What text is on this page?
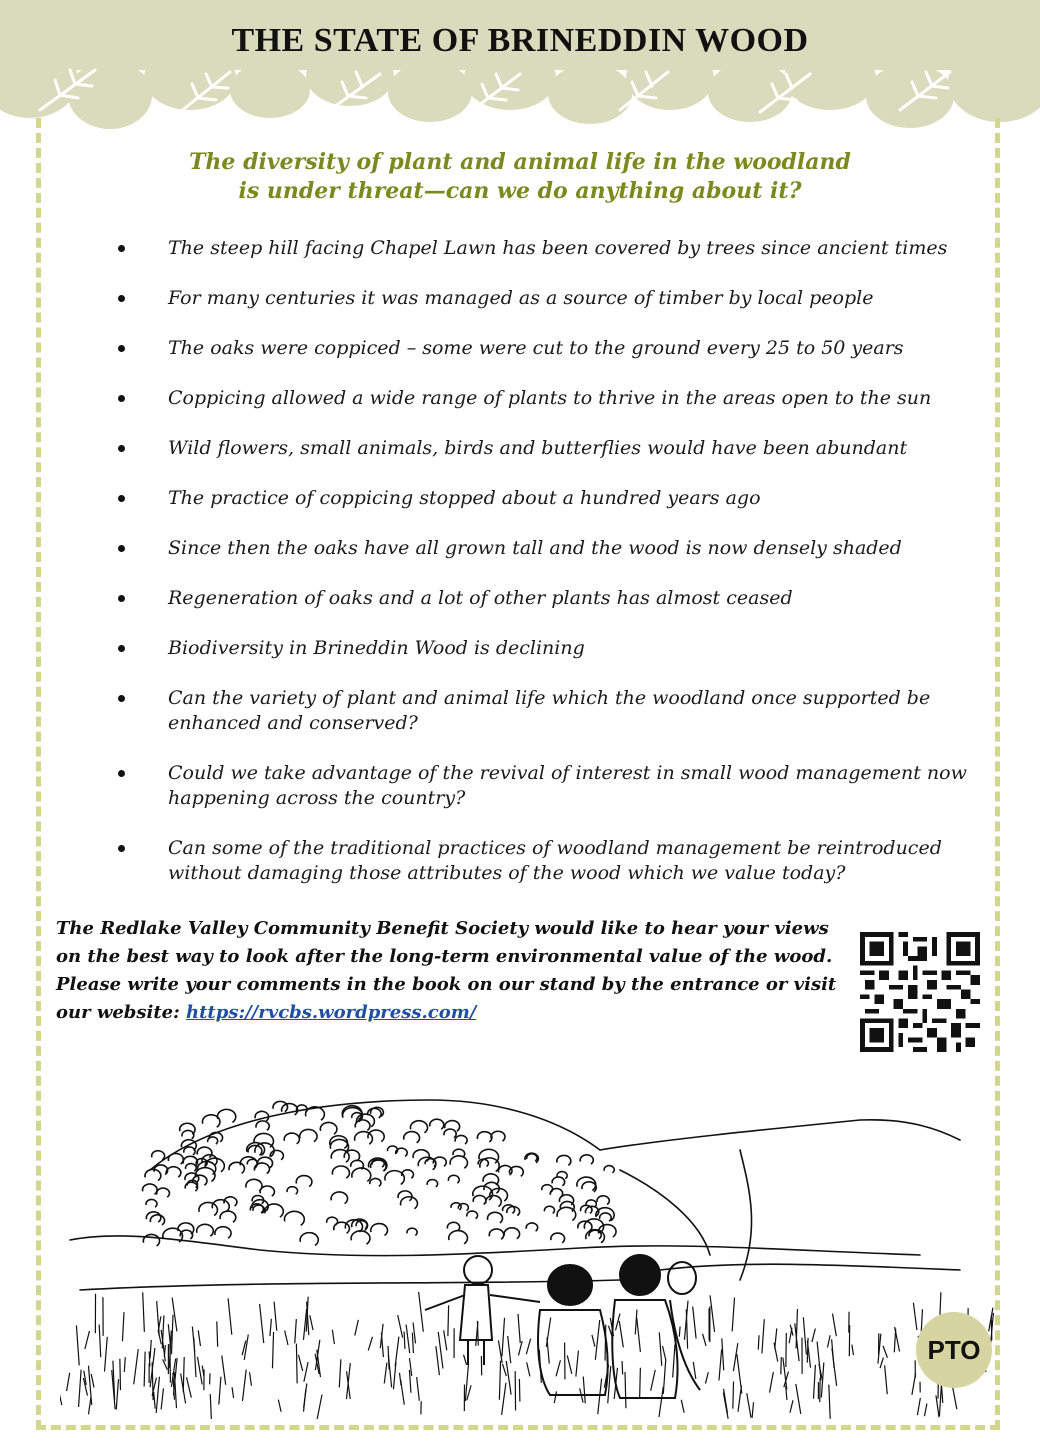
THE STATE OF BRINEDDIN WOOD
The diversity of plant and animal life in the woodland
is under threat—can we do anything about it?
The steep hill facing Chapel Lawn has been covered by trees since ancient times
For many centuries it was managed as a source of timber by local people
The oaks were coppiced – some were cut to the ground every 25 to 50 years
Coppicing allowed a wide range of plants to thrive in the areas open to the sun
Wild flowers, small animals, birds and butterflies would have been abundant
The practice of coppicing stopped about a hundred years ago
Since then the oaks have all grown tall and the wood is now densely shaded
Regeneration of oaks and a lot of other plants has almost ceased
Biodiversity in Brineddin Wood is declining
Can the variety of plant and animal life which the woodland once supported be enhanced and conserved?
Could we take advantage of the revival of interest in small wood management now happening across the country?
Can some of the traditional practices of woodland management be reintroduced without damaging those attributes of the wood which we value today?
The Redlake Valley Community Benefit Society would like to hear your views on the best way to look after the long-term environmental value of the wood. Please write your comments in the book on our stand by the entrance or visit our website: https://rvcbs.wordpress.com/
PTO
